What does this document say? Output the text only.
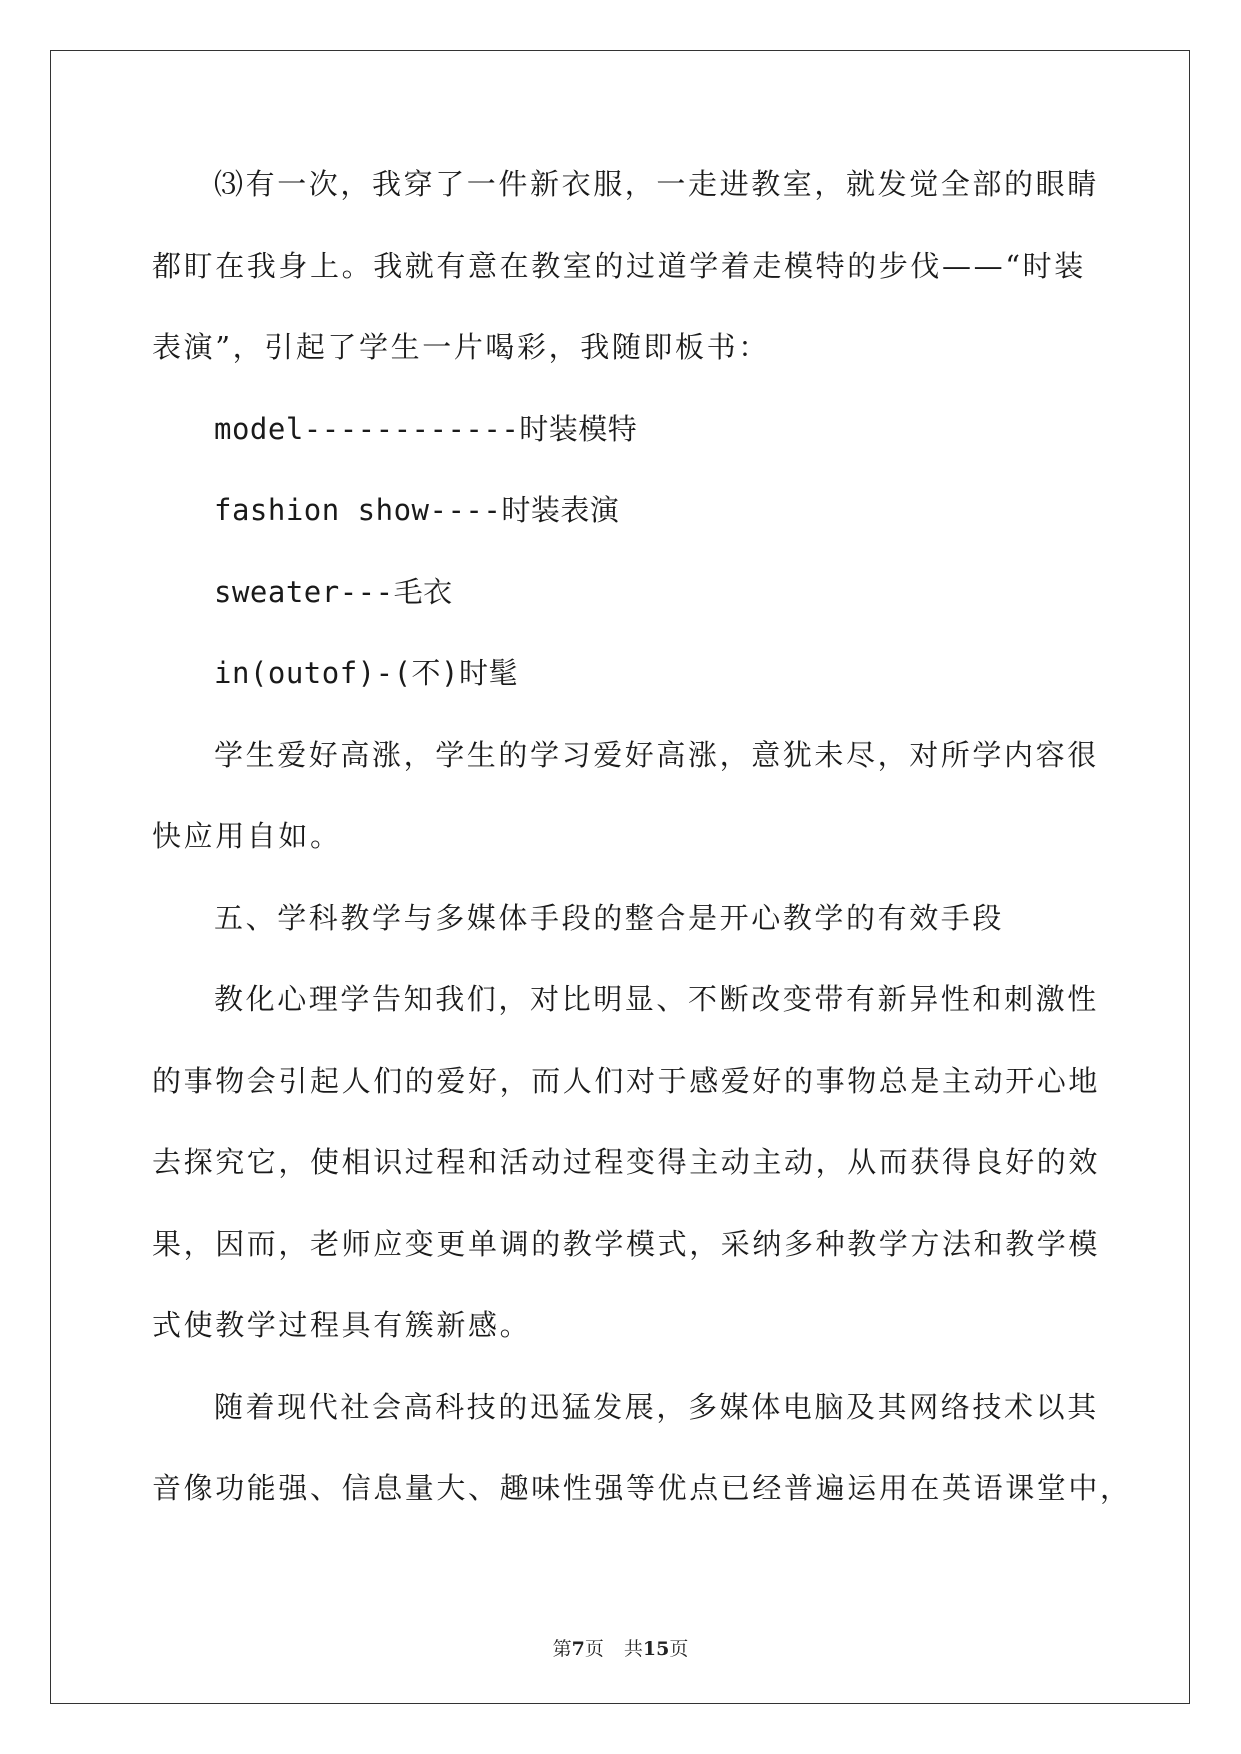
⑶有一次，我穿了一件新衣服，一走进教室，就发觉全部的眼睛
都盯在我身上。我就有意在教室的过道学着走模特的步伐——“时装
表演”，引起了学生一片喝彩，我随即板书：
model------------时装模特
fashion show----时装表演
sweater---毛衣
in(outof)-(不)时髦
学生爱好高涨，学生的学习爱好高涨，意犹未尽，对所学内容很
快应用自如。
五、学科教学与多媒体手段的整合是开心教学的有效手段
教化心理学告知我们，对比明显、不断改变带有新异性和刺激性
的事物会引起人们的爱好，而人们对于感爱好的事物总是主动开心地
去探究它，使相识过程和活动过程变得主动主动，从而获得良好的效
果，因而，老师应变更单调的教学模式，采纳多种教学方法和教学模
式使教学过程具有簇新感。
随着现代社会高科技的迅猛发展，多媒体电脑及其网络技术以其
音像功能强、信息量大、趣味性强等优点已经普遍运用在英语课堂中，
第7页 共15页
